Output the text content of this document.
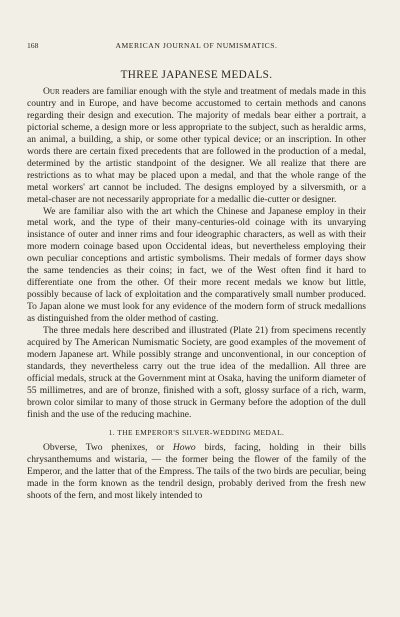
168	AMERICAN JOURNAL OF NUMISMATICS.
THREE JAPANESE MEDALS.

Our readers are familiar enough with the style and treatment of medals made in this country and in Europe, and have become accustomed to certain methods and canons regarding their design and execution. The majority of medals bear either a portrait, a pictorial scheme, a design more or less appropriate to the subject, such as heraldic arms, an animal, a building, a ship, or some other typical device; or an inscription. In other words there are certain fixed precedents that are followed in the production of a medal, determined by the artistic standpoint of the designer. We all realize that there are restrictions as to what may be placed upon a medal, and that the whole range of the metal workers' art cannot be included. The designs employed by a silversmith, or a metal-chaser are not necessarily appropriate for a medallic die-cutter or designer.

We are familiar also with the art which the Chinese and Japanese employ in their metal work, and the type of their many-centuries-old coinage with its unvarying insistance of outer and inner rims and four ideographic characters, as well as with their more modern coinage based upon Occidental ideas, but nevertheless employing their own peculiar conceptions and artistic symbolisms. Their medals of former days show the same tendencies as their coins; in fact, we of the West often find it hard to differentiate one from the other. Of their more recent medals we know but little, possibly because of lack of exploitation and the comparatively small number produced. To Japan alone we must look for any evidence of the modern form of struck medallions as distinguished from the older method of casting.

The three medals here described and illustrated (Plate 21) from specimens recently acquired by The American Numismatic Society, are good examples of the movement of modern Japanese art. While possibly strange and unconventional, in our conception of standards, they nevertheless carry out the true idea of the medallion. All three are official medals, struck at the Government mint at Osaka, having the uniform diameter of 55 millimetres, and are of bronze, finished with a soft, glossy surface of a rich, warm, brown color similar to many of those struck in Germany before the adoption of the dull finish and the use of the reducing machine.

1. THE EMPEROR'S SILVER-WEDDING MEDAL.

Obverse, Two phenixes, or Howo birds, facing, holding in their bills chrysanthemums and wistaria, — the former being the flower of the family of the Emperor, and the latter that of the Empress. The tails of the two birds are peculiar, being made in the form known as the tendril design, probably derived from the fresh new shoots of the fern, and most likely intended to
